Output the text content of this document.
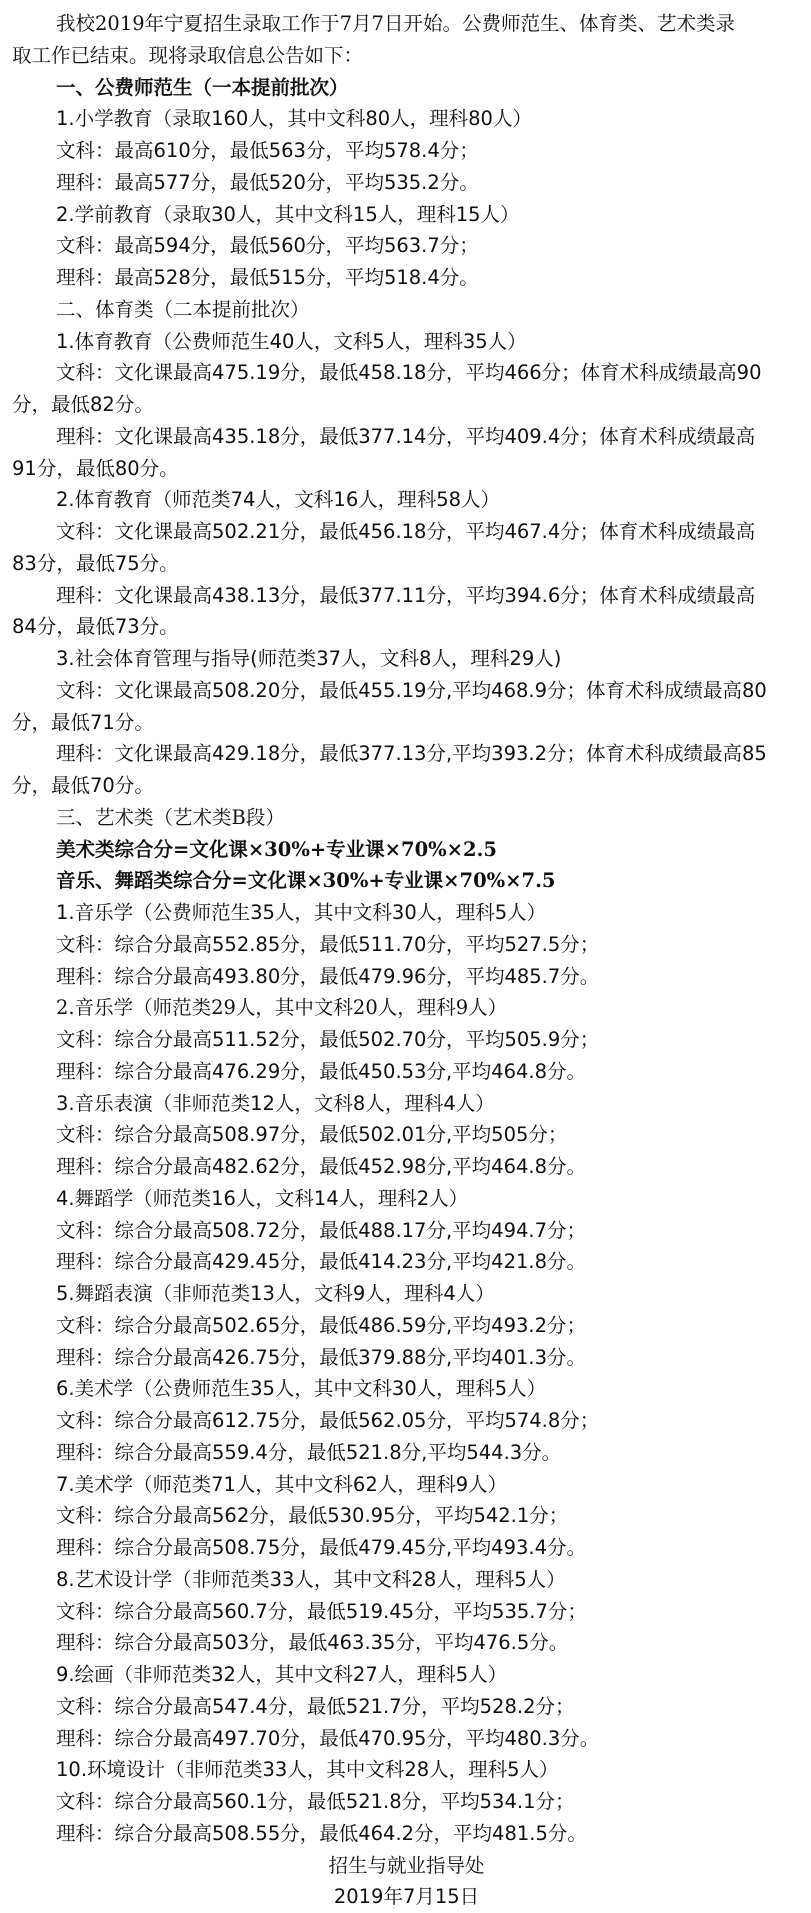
我校2019年宁夏招生录取工作于7月7日开始。公费师范生、体育类、艺术类录
取工作已结束。现将录取信息公告如下：
一、公费师范生（一本提前批次）
1.小学教育（录取160人，其中文科80人，理科80人）
文科：最高610分，最低563分，平均578.4分；
理科：最高577分，最低520分，平均535.2分。
2.学前教育（录取30人，其中文科15人，理科15人）
文科：最高594分，最低560分，平均563.7分；
理科：最高528分，最低515分，平均518.4分。
二、体育类（二本提前批次）
1.体育教育（公费师范生40人，文科5人，理科35人）
文科：文化课最高475.19分，最低458.18分，平均466分；体育术科成绩最高90
分，最低82分。
理科：文化课最高435.18分，最低377.14分，平均409.4分；体育术科成绩最高
91分，最低80分。
2.体育教育（师范类74人，文科16人，理科58人）
文科：文化课最高502.21分，最低456.18分，平均467.4分；体育术科成绩最高
83分，最低75分。
理科：文化课最高438.13分，最低377.11分，平均394.6分；体育术科成绩最高
84分，最低73分。
3.社会体育管理与指导(师范类37人，文科8人，理科29人)
文科：文化课最高508.20分，最低455.19分,平均468.9分；体育术科成绩最高80
分，最低71分。
理科：文化课最高429.18分，最低377.13分,平均393.2分；体育术科成绩最高85
分，最低70分。
三、艺术类（艺术类B段）
美术类综合分=文化课×30%+专业课×70%×2.5
音乐、舞蹈类综合分=文化课×30%+专业课×70%×7.5
1.音乐学（公费师范生35人，其中文科30人，理科5人）
文科：综合分最高552.85分，最低511.70分，平均527.5分；
理科：综合分最高493.80分，最低479.96分，平均485.7分。
2.音乐学（师范类29人，其中文科20人，理科9人）
文科：综合分最高511.52分，最低502.70分，平均505.9分；
理科：综合分最高476.29分，最低450.53分,平均464.8分。
3.音乐表演（非师范类12人，文科8人，理科4人）
文科：综合分最高508.97分，最低502.01分,平均505分；
理科：综合分最高482.62分，最低452.98分,平均464.8分。
4.舞蹈学（师范类16人，文科14人，理科2人）
文科：综合分最高508.72分，最低488.17分,平均494.7分；
理科：综合分最高429.45分，最低414.23分,平均421.8分。
5.舞蹈表演（非师范类13人，文科9人，理科4人）
文科：综合分最高502.65分，最低486.59分,平均493.2分；
理科：综合分最高426.75分，最低379.88分,平均401.3分。
6.美术学（公费师范生35人，其中文科30人，理科5人）
文科：综合分最高612.75分，最低562.05分，平均574.8分；
理科：综合分最高559.4分，最低521.8分,平均544.3分。
7.美术学（师范类71人，其中文科62人，理科9人）
文科：综合分最高562分，最低530.95分，平均542.1分；
理科：综合分最高508.75分，最低479.45分,平均493.4分。
8.艺术设计学（非师范类33人，其中文科28人，理科5人）
文科：综合分最高560.7分，最低519.45分，平均535.7分；
理科：综合分最高503分，最低463.35分，平均476.5分。
9.绘画（非师范类32人，其中文科27人，理科5人）
文科：综合分最高547.4分，最低521.7分，平均528.2分；
理科：综合分最高497.70分，最低470.95分，平均480.3分。
10.环境设计（非师范类33人，其中文科28人，理科5人）
文科：综合分最高560.1分，最低521.8分，平均534.1分；
理科：综合分最高508.55分，最低464.2分，平均481.5分。
招生与就业指导处
2019年7月15日
